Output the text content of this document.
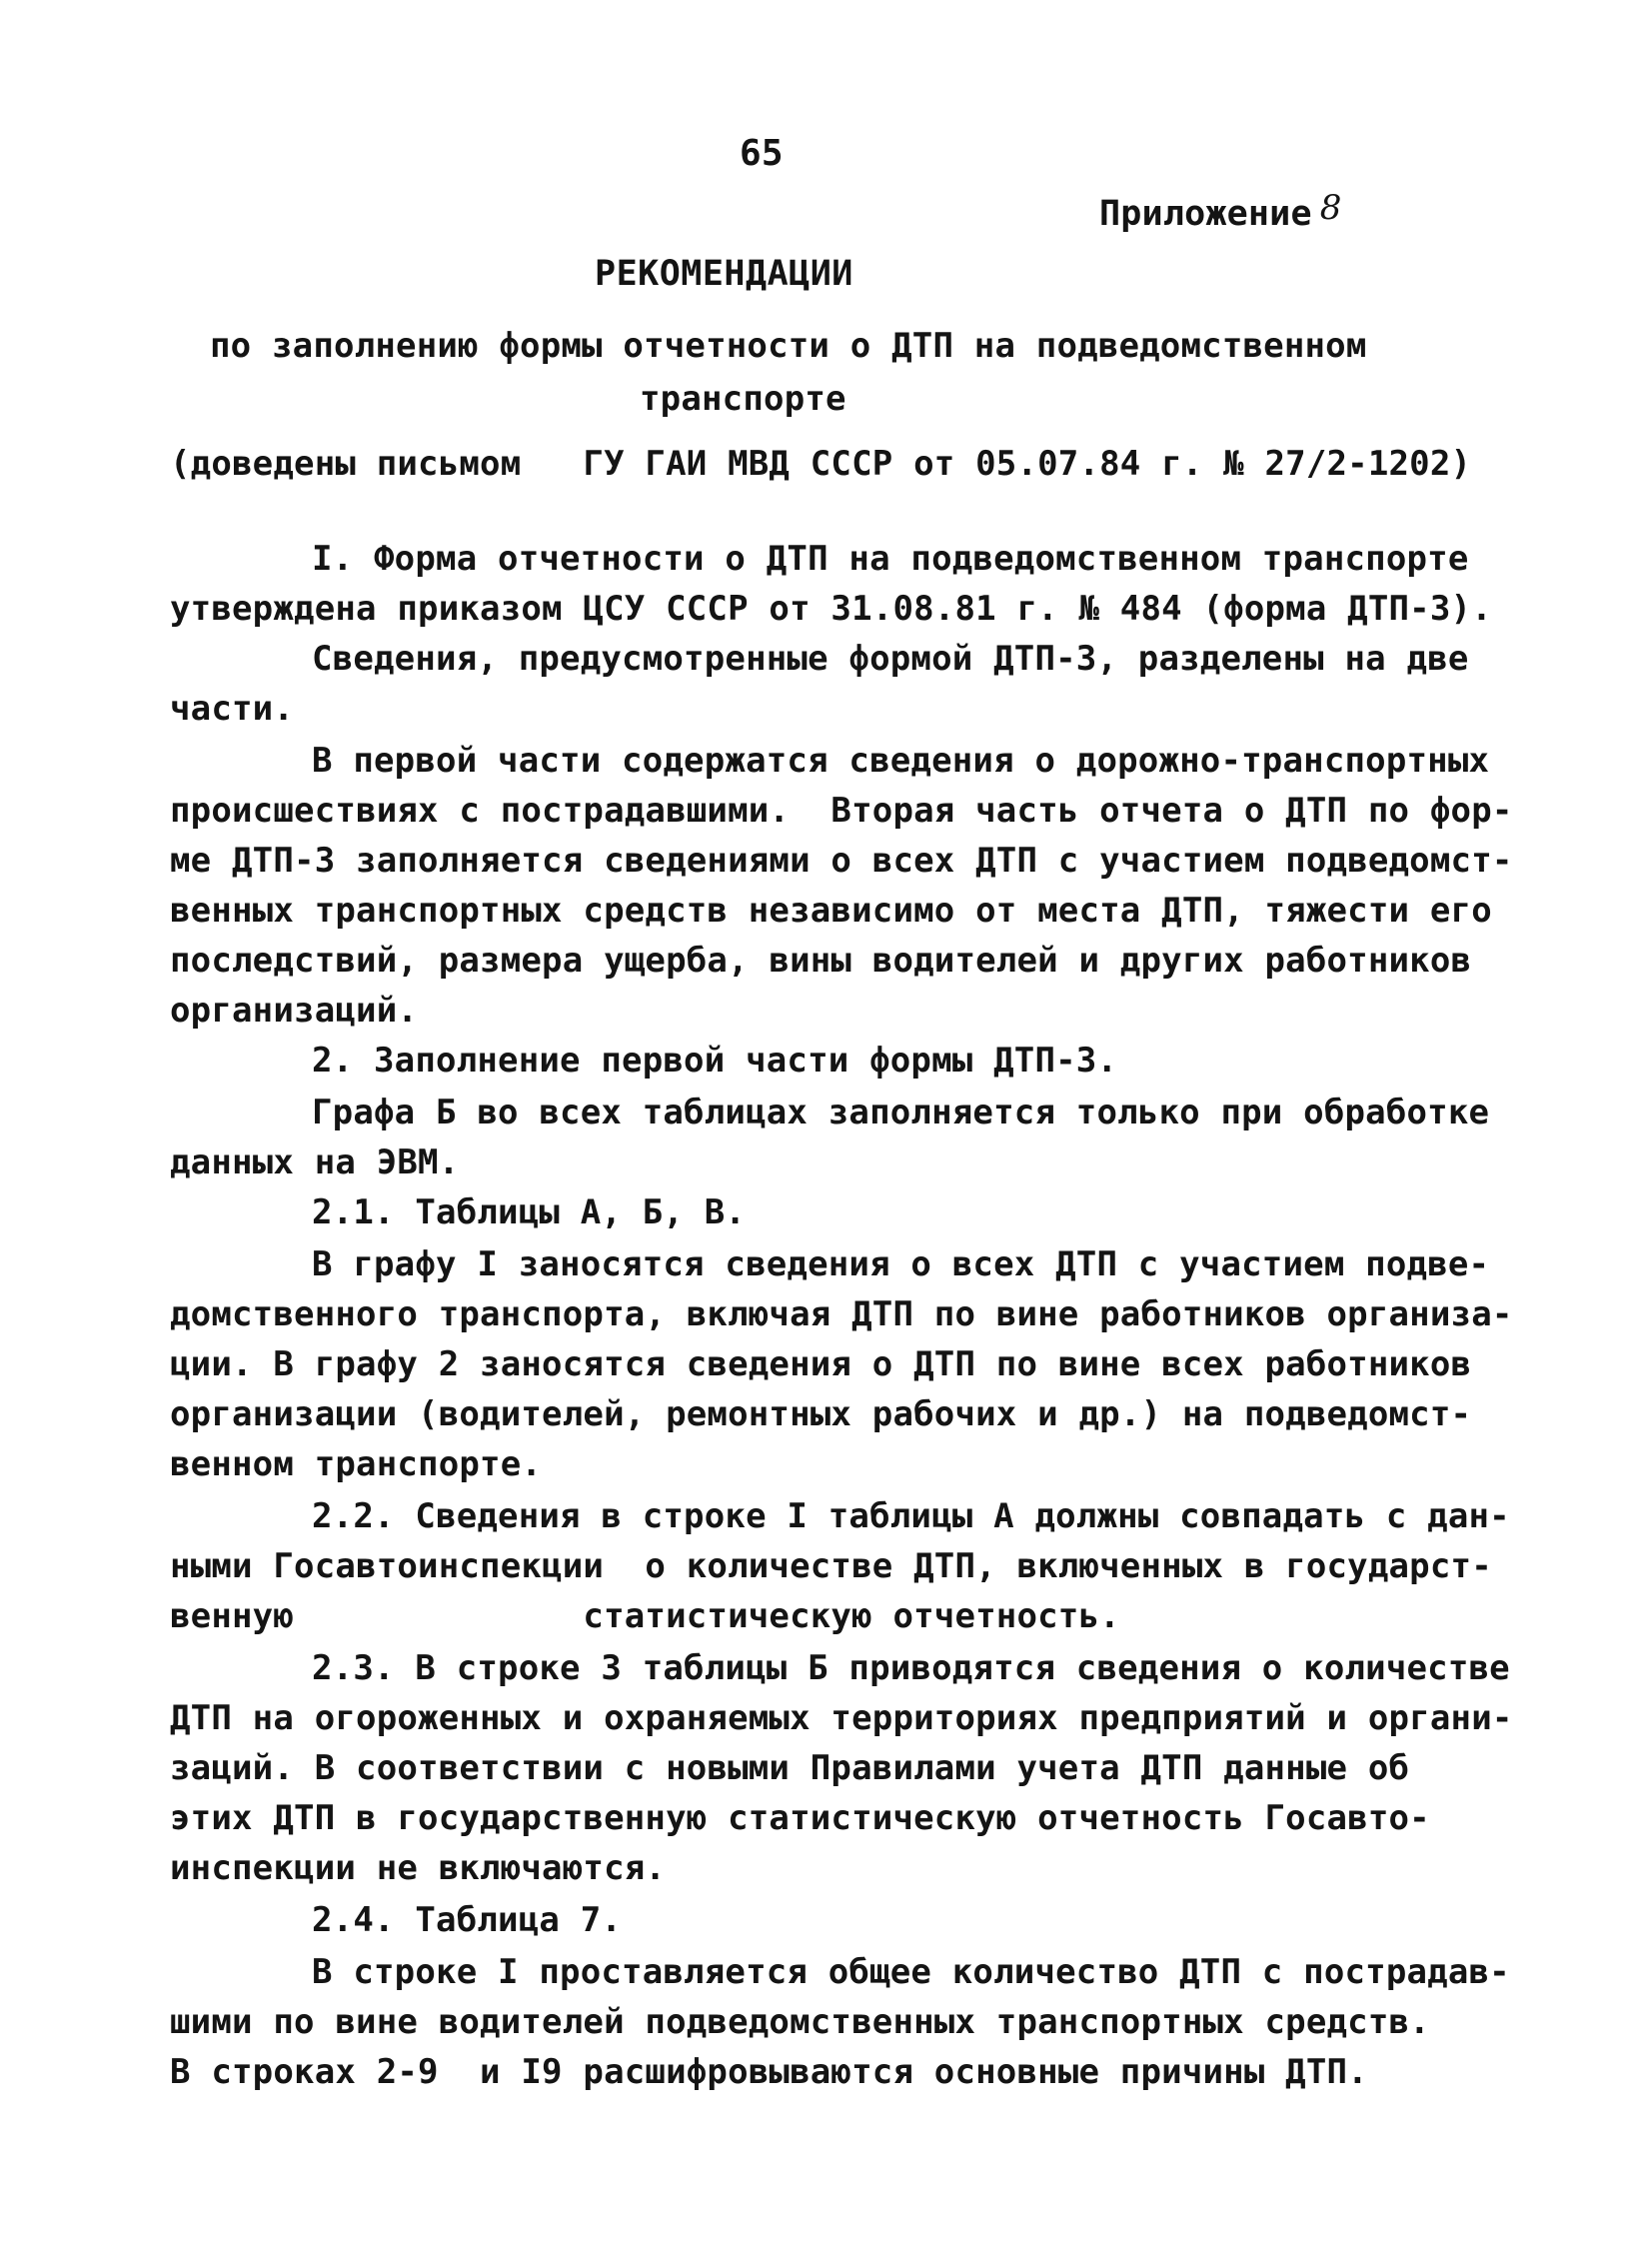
65
Приложение 8
РЕКОМЕНДАЦИИ
по заполнению формы отчетности о ДТП на подведомственном
транспорте
(доведены письмом   ГУ ГАИ МВД СССР от 05.07.84 г. № 27/2-1202)
I. Форма отчетности о ДТП на подведомственном транспорте
утверждена приказом ЦСУ СССР от 31.08.81 г. № 484 (форма ДТП-3).
Сведения, предусмотренные формой ДТП-3, разделены на две
части.
В первой части содержатся сведения о дорожно-транспортных
происшествиях с пострадавшими.  Вторая часть отчета о ДТП по фор-
ме ДТП-3 заполняется сведениями о всех ДТП с участием подведомст-
венных транспортных средств независимо от места ДТП, тяжести его
последствий, размера ущерба, вины водителей и других работников
организаций.
2. Заполнение первой части формы ДТП-3.
Графа Б во всех таблицах заполняется только при обработке
данных на ЭВМ.
2.1. Таблицы А, Б, В.
В графу I заносятся сведения о всех ДТП с участием подве-
домственного транспорта, включая ДТП по вине работников организа-
ции. В графу 2 заносятся сведения о ДТП по вине всех работников
организации (водителей, ремонтных рабочих и др.) на подведомст-
венном транспорте.
2.2. Сведения в строке I таблицы А должны совпадать с дан-
ными Госавтоинспекции  о количестве ДТП, включенных в государст-
венную              статистическую отчетность.
2.3. В строке 3 таблицы Б приводятся сведения о количестве
ДТП на огороженных и охраняемых территориях предприятий и органи-
заций. В соответствии с новыми Правилами учета ДТП данные об
этих ДТП в государственную статистическую отчетность Госавто-
инспекции не включаются.
2.4. Таблица 7.
В строке I проставляется общее количество ДТП с пострадав-
шими по вине водителей подведомственных транспортных средств.
В строках 2-9  и I9 расшифровываются основные причины ДТП.
